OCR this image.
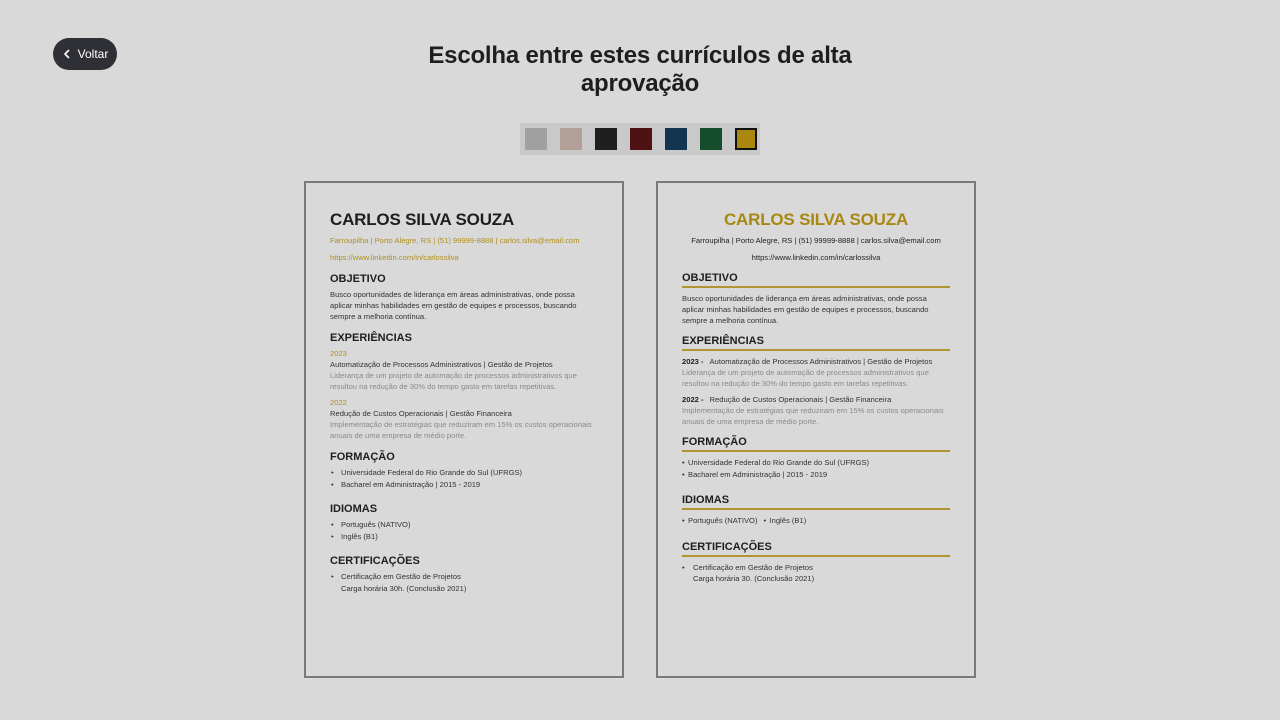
Voltar	Escolha entre estes currículos de alta aprovação
CARLOS SILVA SOUZA
Farroupilha | Porto Alegre, RS | (51) 99999-8888 | carlos.silva@email.com
https://www.linkedin.com/in/carlossilva
OBJETIVO
Busco oportunidades de liderança em áreas administrativas, onde possa aplicar minhas habilidades em gestão de equipes e processos, buscando sempre a melhoria contínua.
EXPERIÊNCIAS
2023
Automatização de Processos Administrativos | Gestão de Projetos
Liderança de um projeto de automação de processos administrativos que resultou na redução de 30% do tempo gasto em tarefas repetitivas.
2022
Redução de Custos Operacionais | Gestão Financeira
Implementação de estratégias que reduziram em 15% os custos operacionais anuais de uma empresa de médio porte.
FORMAÇÃO
• Universidade Federal do Rio Grande do Sul (UFRGS)
• Bacharel em Administração | 2015 - 2019
IDIOMAS
• Português (NATIVO)
• Inglês (B1)
CERTIFICAÇÕES
• Certificação em Gestão de Projetos
Carga horária 30h. (Conclusão 2021)
CARLOS SILVA SOUZA
Farroupilha | Porto Alegre, RS | (51) 99999-8888 | carlos.silva@email.com
https://www.linkedin.com/in/carlossilva
OBJETIVO
Busco oportunidades de liderança em áreas administrativas, onde possa aplicar minhas habilidades em gestão de equipes e processos, buscando sempre a melhoria contínua.
EXPERIÊNCIAS
2023 - Automatização de Processos Administrativos | Gestão de Projetos
Liderança de um projeto de automação de processos administrativos que resultou na redução de 30% do tempo gasto em tarefas repetitivas.
2022 - Redução de Custos Operacionais | Gestão Financeira
Implementação de estratégias que reduziram em 15% os custos operacionais anuais de uma empresa de médio porte.
FORMAÇÃO
• Universidade Federal do Rio Grande do Sul (UFRGS)
• Bacharel em Administração | 2015 - 2019
IDIOMAS
• Português (NATIVO)	• Inglês (B1)
CERTIFICAÇÕES
• Certificação em Gestão de Projetos
Carga horária 30. (Conclusão 2021)
